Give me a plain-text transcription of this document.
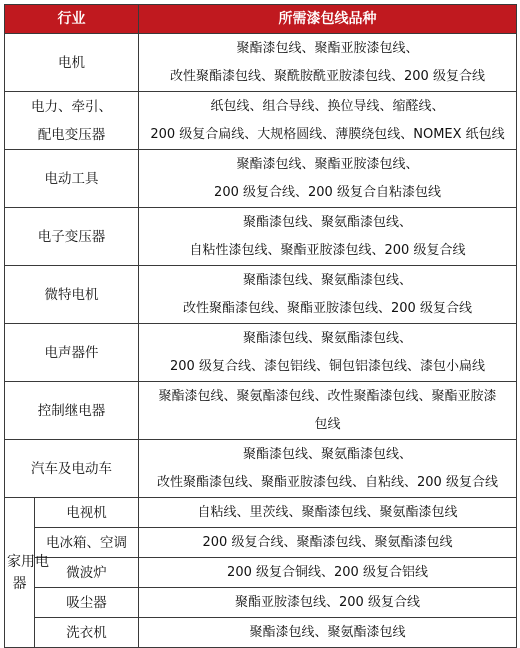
行业		所需漆包线品种
电机		聚酯漆包线、聚酯亚胺漆包线、
改性聚酯漆包线、聚酰胺酰亚胺漆包线、200 级复合线

电力、牵引、
配电变压器		纸包线、组合导线、换位导线、缩醛线、
200 级复合扁线、大规格圆线、薄膜绕包线、NOMEX 纸包线

电动工具		聚酯漆包线、聚酯亚胺漆包线、
200 级复合线、200 级复合自粘漆包线

电子变压器		聚酯漆包线、聚氨酯漆包线、
自粘性漆包线、聚酯亚胺漆包线、200 级复合线

微特电机		聚酯漆包线、聚氨酯漆包线、
改性聚酯漆包线、聚酯亚胺漆包线、200 级复合线

电声器件		聚酯漆包线、聚氨酯漆包线、
200 级复合线、漆包铝线、铜包铝漆包线、漆包小扁线

控制继电器		聚酯漆包线、聚氨酯漆包线、改性聚酯漆包线、聚酯亚胺漆
包线

汽车及电动车		聚酯漆包线、聚氨酯漆包线、
改性聚酯漆包线、聚酯亚胺漆包线、自粘线、200 级复合线

家用电
器	电视机	自粘线、里茨线、聚酯漆包线、聚氨酯漆包线
	电冰箱、空调	200 级复合线、聚酯漆包线、聚氨酯漆包线
	微波炉	200 级复合铜线、200 级复合铝线
	吸尘器	聚酯亚胺漆包线、200 级复合线
	洗衣机	聚酯漆包线、聚氨酯漆包线
